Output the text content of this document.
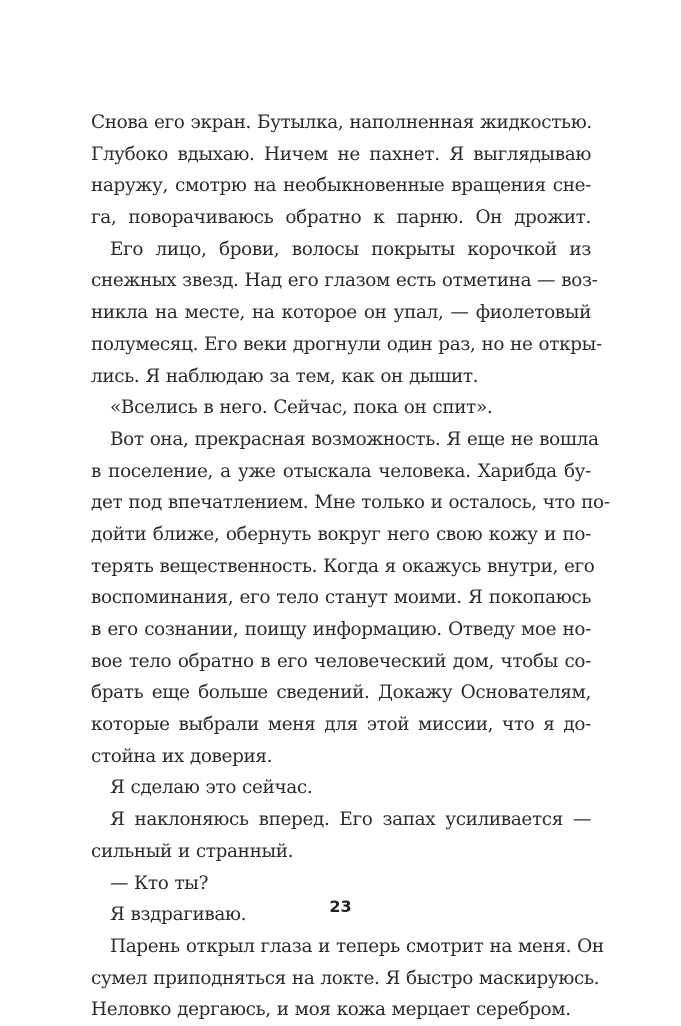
Снова его экран. Бутылка, наполненная жидкостью.
Глубоко вдыхаю. Ничем не пахнет. Я выглядываю
наружу, смотрю на необыкновенные вращения сне-
га, поворачиваюсь обратно к парню. Он дрожит.
Его лицо, брови, волосы покрыты корочкой из
снежных звезд. Над его глазом есть отметина — воз-
никла на месте, на которое он упал, — фиолетовый
полумесяц. Его веки дрогнули один раз, но не откры-
лись. Я наблюдаю за тем, как он дышит.
«Вселись в него. Сейчас, пока он спит».
Вот она, прекрасная возможность. Я еще не вошла
в поселение, а уже отыскала человека. Харибда бу-
дет под впечатлением. Мне только и осталось, что по-
дойти ближе, обернуть вокруг него свою кожу и по-
терять вещественность. Когда я окажусь внутри, его
воспоминания, его тело станут моими. Я покопаюсь
в его сознании, поищу информацию. Отведу мое но-
вое тело обратно в его человеческий дом, чтобы со-
брать еще больше сведений. Докажу Основателям,
которые выбрали меня для этой миссии, что я до-
стойна их доверия.
Я сделаю это сейчас.
Я наклоняюсь вперед. Его запах усиливается —
сильный и странный.
— Кто ты?
Я вздрагиваю.
Парень открыл глаза и теперь смотрит на меня. Он
сумел приподняться на локте. Я быстро маскируюсь.
Неловко дергаюсь, и моя кожа мерцает серебром.
23
